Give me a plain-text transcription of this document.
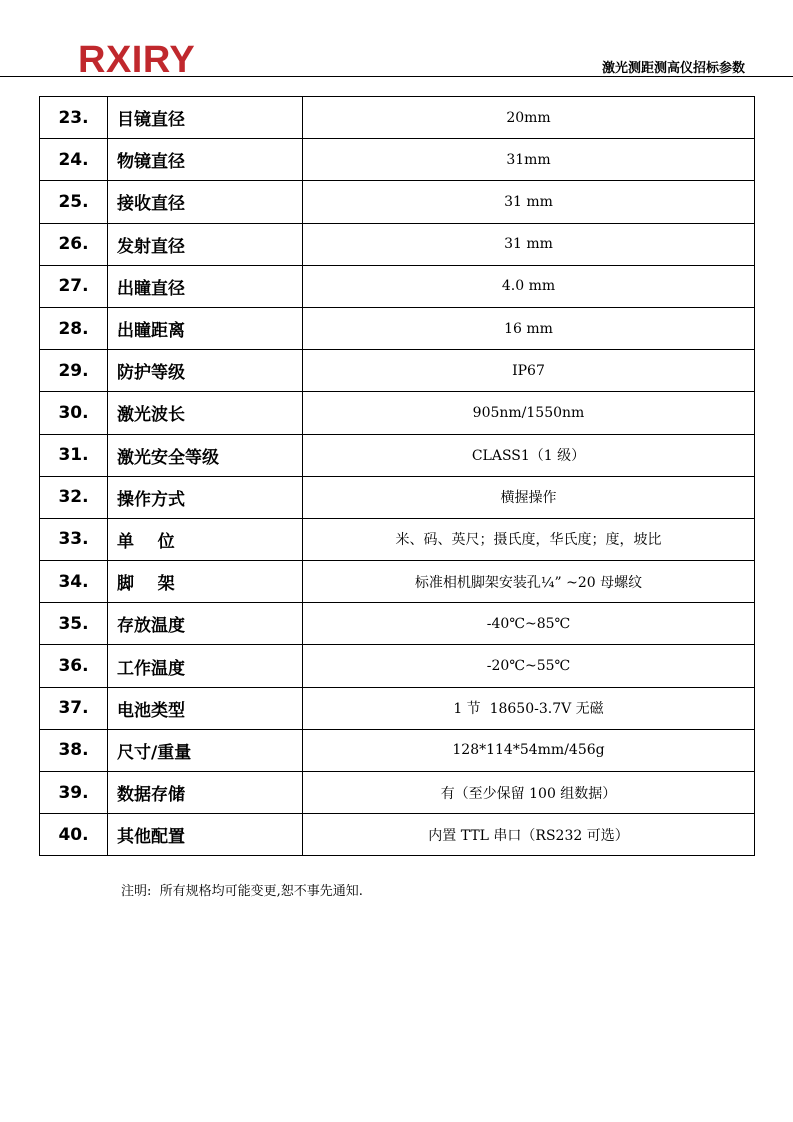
RXIRY	激光测距测高仪招标参数
23.	目镜直径	20mm
24.	物镜直径	31mm
25.	接收直径	31 mm
26.	发射直径	31 mm
27.	出瞳直径	4.0 mm
28.	出瞳距离	16 mm
29.	防护等级	IP67
30.	激光波长	905nm/1550nm
31.	激光安全等级	CLASS1（1 级）
32.	操作方式	横握操作
33.	单    位	米、码、英尺；摄氏度，华氏度；度，坡比
34.	脚    架	标准相机脚架安装孔¼” ~20 母螺纹
35.	存放温度	-40℃~85℃
36.	工作温度	-20℃~55℃
37.	电池类型	1 节  18650-3.7V 无磁
38.	尺寸/重量	128*114*54mm/456g
39.	数据存储	有（至少保留 100 组数据）
40.	其他配置	内置 TTL 串口（RS232 可选）
注明:  所有规格均可能变更,恕不事先通知.
